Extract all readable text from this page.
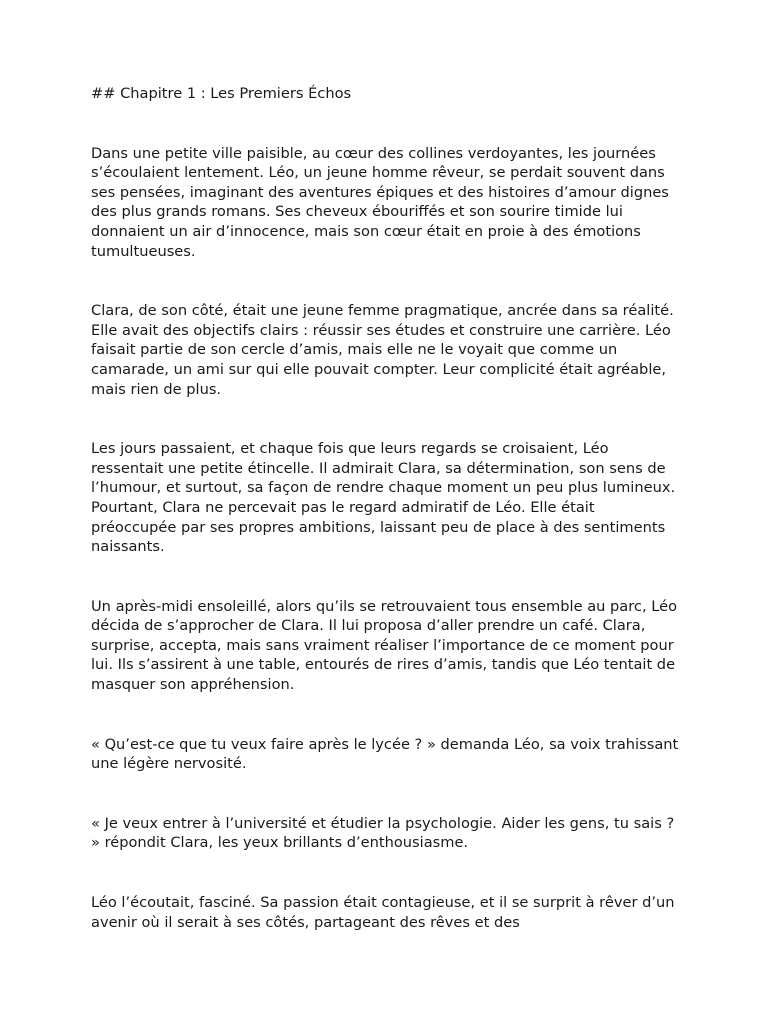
## Chapitre 1 : Les Premiers Échos

Dans une petite ville paisible, au cœur des collines verdoyantes, les journées s’écoulaient lentement. Léo, un jeune homme rêveur, se perdait souvent dans ses pensées, imaginant des aventures épiques et des histoires d’amour dignes des plus grands romans. Ses cheveux ébouriffés et son sourire timide lui donnaient un air d’innocence, mais son cœur était en proie à des émotions tumultueuses.

Clara, de son côté, était une jeune femme pragmatique, ancrée dans sa réalité. Elle avait des objectifs clairs : réussir ses études et construire une carrière. Léo faisait partie de son cercle d’amis, mais elle ne le voyait que comme un camarade, un ami sur qui elle pouvait compter. Leur complicité était agréable, mais rien de plus.

Les jours passaient, et chaque fois que leurs regards se croisaient, Léo ressentait une petite étincelle. Il admirait Clara, sa détermination, son sens de l’humour, et surtout, sa façon de rendre chaque moment un peu plus lumineux. Pourtant, Clara ne percevait pas le regard admiratif de Léo. Elle était préoccupée par ses propres ambitions, laissant peu de place à des sentiments naissants.

Un après-midi ensoleillé, alors qu’ils se retrouvaient tous ensemble au parc, Léo décida de s’approcher de Clara. Il lui proposa d’aller prendre un café. Clara, surprise, accepta, mais sans vraiment réaliser l’importance de ce moment pour lui. Ils s’assirent à une table, entourés de rires d’amis, tandis que Léo tentait de masquer son appréhension.

« Qu’est-ce que tu veux faire après le lycée ? » demanda Léo, sa voix trahissant une légère nervosité.

« Je veux entrer à l’université et étudier la psychologie. Aider les gens, tu sais ? » répondit Clara, les yeux brillants d’enthousiasme.

Léo l’écoutait, fasciné. Sa passion était contagieuse, et il se surprit à rêver d’un avenir où il serait à ses côtés, partageant des rêves et des
